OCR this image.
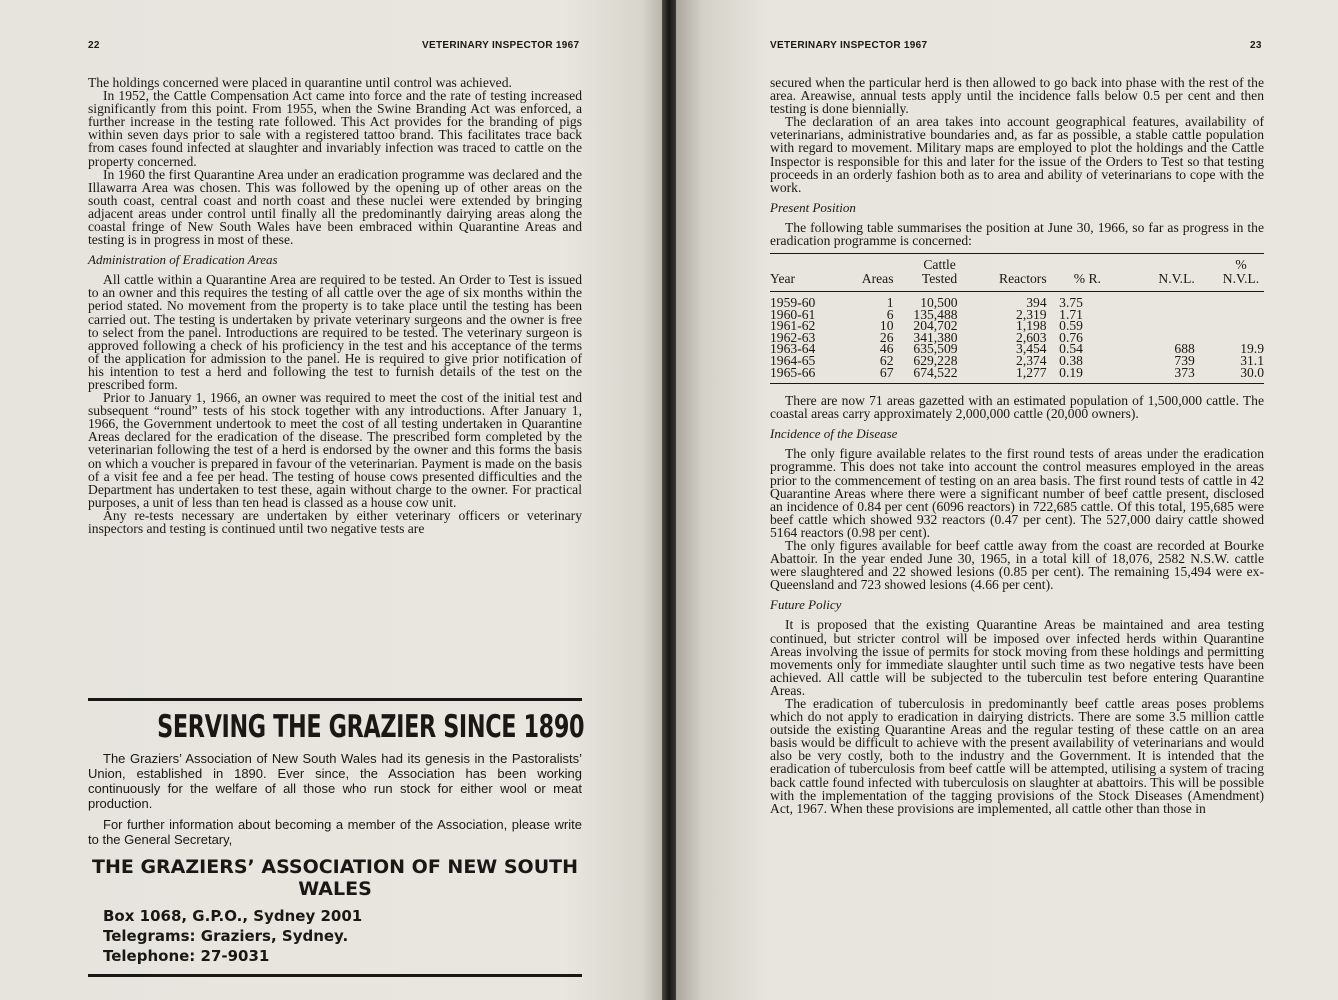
22	VETERINARY INSPECTOR 1967

The holdings concerned were placed in quarantine until control was achieved.

In 1952, the Cattle Compensation Act came into force and the rate of testing increased significantly from this point. From 1955, when the Swine Branding Act was enforced, a further increase in the testing rate followed. This Act provides for the branding of pigs within seven days prior to sale with a registered tattoo brand. This facilitates trace back from cases found infected at slaughter and invariably infection was traced to cattle on the property concerned.

In 1960 the first Quarantine Area under an eradication programme was declared and the Illawarra Area was chosen. This was followed by the opening up of other areas on the south coast, central coast and north coast and these nuclei were extended by bringing adjacent areas under control until finally all the predominantly dairying areas along the coastal fringe of New South Wales have been embraced within Quarantine Areas and testing is in progress in most of these.

Administration of Eradication Areas

All cattle within a Quarantine Area are required to be tested. An Order to Test is issued to an owner and this requires the testing of all cattle over the age of six months within the period stated. No movement from the property is to take place until the testing has been carried out. The testing is undertaken by private veterinary surgeons and the owner is free to select from the panel. Introductions are required to be tested. The veterinary surgeon is approved following a check of his proficiency in the test and his acceptance of the terms of the application for admission to the panel. He is required to give prior notification of his intention to test a herd and following the test to furnish details of the test on the prescribed form.

Prior to January 1, 1966, an owner was required to meet the cost of the initial test and subsequent “round” tests of his stock together with any introductions. After January 1, 1966, the Government undertook to meet the cost of all testing undertaken in Quarantine Areas declared for the eradication of the disease. The prescribed form completed by the veterinarian following the test of a herd is endorsed by the owner and this forms the basis on which a voucher is prepared in favour of the veterinarian. Payment is made on the basis of a visit fee and a fee per head. The testing of house cows presented difficulties and the Department has undertaken to test these, again without charge to the owner. For practical purposes, a unit of less than ten head is classed as a house cow unit.

Any re-tests necessary are undertaken by either veterinary officers or veterinary inspectors and testing is continued until two negative tests are

SERVING THE GRAZIER SINCE 1890

The Graziers’ Association of New South Wales had its genesis in the Pastoralists’ Union, established in 1890. Ever since, the Association has been working continuously for the welfare of all those who run stock for either wool or meat production.

For further information about becoming a member of the Association, please write to the General Secretary,

THE GRAZIERS’ ASSOCIATION OF NEW SOUTH WALES

Box 1068, G.P.O., Sydney 2001

Telegrams: Graziers, Sydney.

Telephone: 27-9031

VETERINARY INSPECTOR 1967	23

secured when the particular herd is then allowed to go back into phase with the rest of the area. Areawise, annual tests apply until the incidence falls below 0.5 per cent and then testing is done biennially.

The declaration of an area takes into account geographical features, availability of veterinarians, administrative boundaries and, as far as possible, a stable cattle population with regard to movement. Military maps are employed to plot the holdings and the Cattle Inspector is responsible for this and later for the issue of the Orders to Test so that testing proceeds in an orderly fashion both as to area and ability of veterinarians to cope with the work.

Present Position

The following table summarises the position at June 30, 1966, so far as progress in the eradication programme is concerned:

Year	Areas	Cattle Tested	Reactors	% R.	N.V.L.	% N.V.L.
1959-60	1	10,500	394	3.75		
1960-61	6	135,488	2,319	1.71		
1961-62	10	204,702	1,198	0.59		
1962-63	26	341,380	2,603	0.76		
1963-64	46	635,509	3,454	0.54	688	19.9
1964-65	62	629,228	2,374	0.38	739	31.1
1965-66	67	674,522	1,277	0.19	373	30.0

There are now 71 areas gazetted with an estimated population of 1,500,000 cattle. The coastal areas carry approximately 2,000,000 cattle (20,000 owners).

Incidence of the Disease

The only figure available relates to the first round tests of areas under the eradication programme. This does not take into account the control measures employed in the areas prior to the commencement of testing on an area basis. The first round tests of cattle in 42 Quarantine Areas where there were a significant number of beef cattle present, disclosed an incidence of 0.84 per cent (6096 reactors) in 722,685 cattle. Of this total, 195,685 were beef cattle which showed 932 reactors (0.47 per cent). The 527,000 dairy cattle showed 5164 reactors (0.98 per cent).

The only figures available for beef cattle away from the coast are recorded at Bourke Abattoir. In the year ended June 30, 1965, in a total kill of 18,076, 2582 N.S.W. cattle were slaughtered and 22 showed lesions (0.85 per cent). The remaining 15,494 were ex-Queensland and 723 showed lesions (4.66 per cent).

Future Policy

It is proposed that the existing Quarantine Areas be maintained and area testing continued, but stricter control will be imposed over infected herds within Quarantine Areas involving the issue of permits for stock moving from these holdings and permitting movements only for immediate slaughter until such time as two negative tests have been achieved. All cattle will be subjected to the tuberculin test before entering Quarantine Areas.

The eradication of tuberculosis in predominantly beef cattle areas poses problems which do not apply to eradication in dairying districts. There are some 3.5 million cattle outside the existing Quarantine Areas and the regular testing of these cattle on an area basis would be difficult to achieve with the present availability of veterinarians and would also be very costly, both to the industry and the Government. It is intended that the eradication of tuberculosis from beef cattle will be attempted, utilising a system of tracing back cattle found infected with tuberculosis on slaughter at abattoirs. This will be possible with the implementation of the tagging provisions of the Stock Diseases (Amendment) Act, 1967. When these provisions are implemented, all cattle other than those in
